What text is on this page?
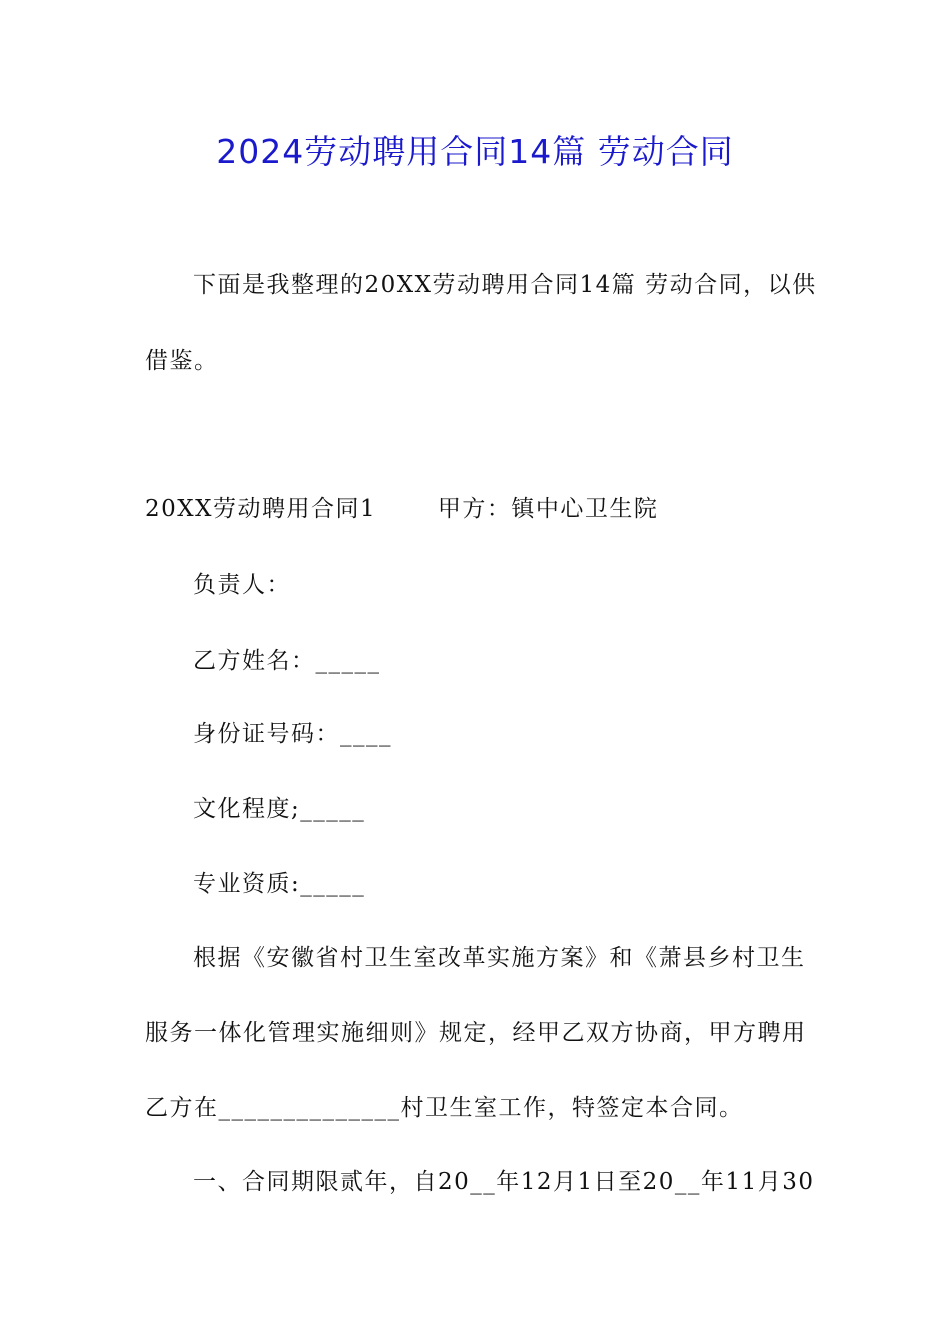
2024劳动聘用合同14篇 劳动合同
下面是我整理的20XX劳动聘用合同14篇 劳动合同，以供
借鉴。
20XX劳动聘用合同1       甲方：镇中心卫生院
负责人：
乙方姓名：_____
身份证号码：____
文化程度;_____
专业资质:_____
根据《安徽省村卫生室改革实施方案》和《萧县乡村卫生
服务一体化管理实施细则》规定，经甲乙双方协商，甲方聘用
乙方在______________村卫生室工作，特签定本合同。
一、合同期限贰年，自20__年12月1日至20__年11月30
